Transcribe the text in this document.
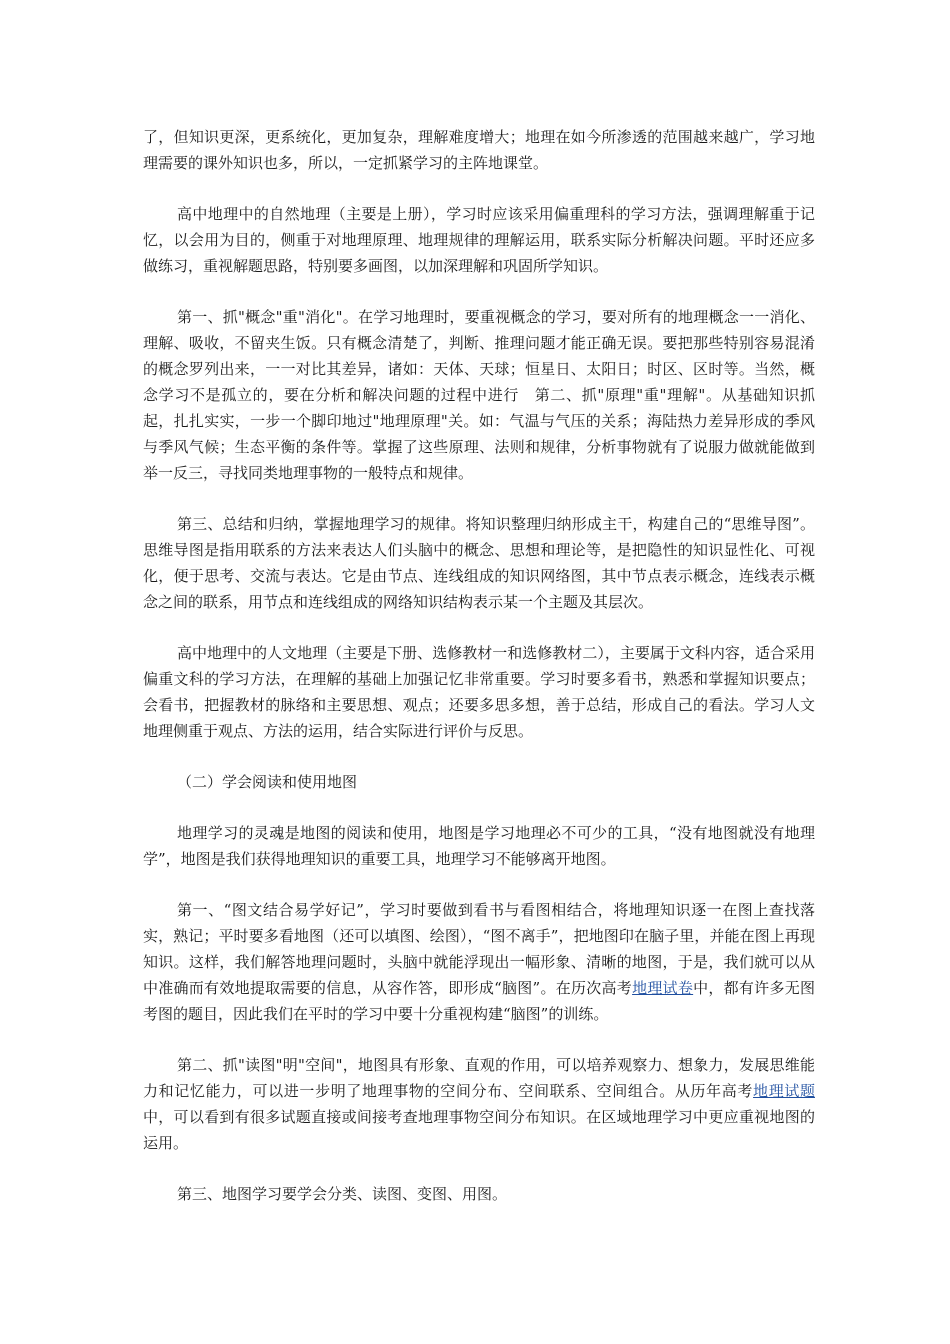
了，但知识更深，更系统化，更加复杂，理解难度增大；地理在如今所渗透的范围越来越广，学习地理需要的课外知识也多，所以，一定抓紧学习的主阵地课堂。

高中地理中的自然地理（主要是上册），学习时应该采用偏重理科的学习方法，强调理解重于记忆，以会用为目的，侧重于对地理原理、地理规律的理解运用，联系实际分析解决问题。平时还应多做练习，重视解题思路，特别要多画图，以加深理解和巩固所学知识。

第一、抓"概念"重"消化"。在学习地理时，要重视概念的学习，要对所有的地理概念一一消化、理解、吸收，不留夹生饭。只有概念清楚了，判断、推理问题才能正确无误。要把那些特别容易混淆的概念罗列出来，一一对比其差异，诸如：天体、天球；恒星日、太阳日；时区、区时等。当然，概念学习不是孤立的，要在分析和解决问题的过程中进行　第二、抓"原理"重"理解"。从基础知识抓起，扎扎实实，一步一个脚印地过"地理原理"关。如：气温与气压的关系；海陆热力差异形成的季风与季风气候；生态平衡的条件等。掌握了这些原理、法则和规律，分析事物就有了说服力做就能做到举一反三，寻找同类地理事物的一般特点和规律。

第三、总结和归纳，掌握地理学习的规律。将知识整理归纳形成主干，构建自己的“思维导图”。思维导图是指用联系的方法来表达人们头脑中的概念、思想和理论等，是把隐性的知识显性化、可视化，便于思考、交流与表达。它是由节点、连线组成的知识网络图，其中节点表示概念，连线表示概念之间的联系，用节点和连线组成的网络知识结构表示某一个主题及其层次。

高中地理中的人文地理（主要是下册、选修教材一和选修教材二），主要属于文科内容，适合采用偏重文科的学习方法，在理解的基础上加强记忆非常重要。学习时要多看书，熟悉和掌握知识要点；会看书，把握教材的脉络和主要思想、观点；还要多思多想，善于总结，形成自己的看法。学习人文地理侧重于观点、方法的运用，结合实际进行评价与反思。

（二）学会阅读和使用地图

地理学习的灵魂是地图的阅读和使用，地图是学习地理必不可少的工具，“没有地图就没有地理学”，地图是我们获得地理知识的重要工具，地理学习不能够离开地图。

第一、“图文结合易学好记”，学习时要做到看书与看图相结合，将地理知识逐一在图上查找落实，熟记；平时要多看地图（还可以填图、绘图），“图不离手”，把地图印在脑子里，并能在图上再现知识。这样，我们解答地理问题时，头脑中就能浮现出一幅形象、清晰的地图，于是，我们就可以从中准确而有效地提取需要的信息，从容作答，即形成“脑图”。在历次高考地理试卷中，都有许多无图考图的题目，因此我们在平时的学习中要十分重视构建“脑图”的训练。

第二、抓"读图"明"空间"，地图具有形象、直观的作用，可以培养观察力、想象力，发展思维能力和记忆能力，可以进一步明了地理事物的空间分布、空间联系、空间组合。从历年高考地理试题中，可以看到有很多试题直接或间接考查地理事物空间分布知识。在区域地理学习中更应重视地图的运用。

第三、地图学习要学会分类、读图、变图、用图。
